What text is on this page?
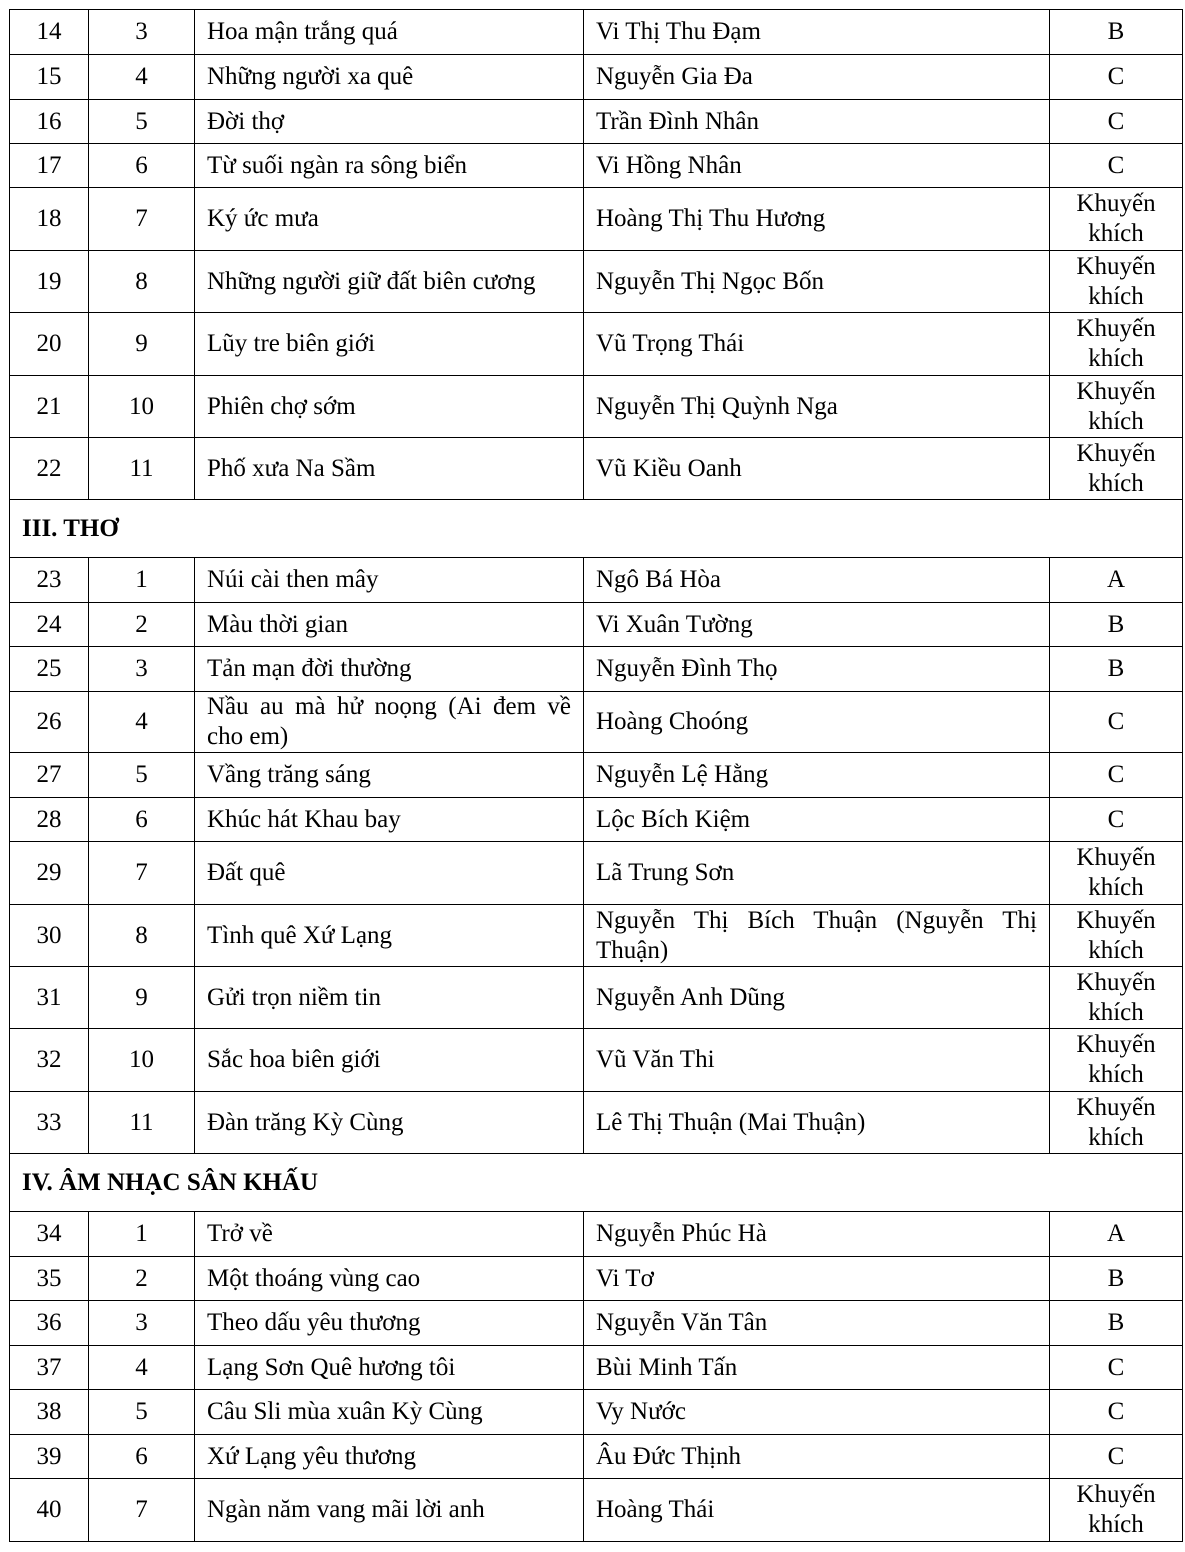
14	3	Hoa mận trắng quá	Vi Thị Thu Đạm	B
15	4	Những người xa quê	Nguyễn Gia Đa	C
16	5	Đời thợ	Trần Đình Nhân	C
17	6	Từ suối ngàn ra sông biển	Vi Hồng Nhân	C
18	7	Ký ức mưa	Hoàng Thị Thu Hương	Khuyến khích
19	8	Những người giữ đất biên cương	Nguyễn Thị Ngọc Bốn	Khuyến khích
20	9	Lũy tre biên giới	Vũ Trọng Thái	Khuyến khích
21	10	Phiên chợ sớm	Nguyễn Thị Quỳnh Nga	Khuyến khích
22	11	Phố xưa Na Sầm	Vũ Kiều Oanh	Khuyến khích
III. THƠ				
23	1	Núi cài then mây	Ngô Bá Hòa	A
24	2	Màu thời gian	Vi Xuân Tường	B
25	3	Tản mạn đời thường	Nguyễn Đình Thọ	B
26	4	Nầu au mà hử noọng (Ai đem về cho em)	Hoàng Choóng	C
27	5	Vầng trăng sáng	Nguyễn Lệ Hằng	C
28	6	Khúc hát Khau bay	Lộc Bích Kiệm	C
29	7	Đất quê	Lã Trung Sơn	Khuyến khích
30	8	Tình quê Xứ Lạng	Nguyễn Thị Bích Thuận (Nguyễn Thị Thuận)	Khuyến khích
31	9	Gửi trọn niềm tin	Nguyễn Anh Dũng	Khuyến khích
32	10	Sắc hoa biên giới	Vũ Văn Thi	Khuyến khích
33	11	Đàn trăng Kỳ Cùng	Lê Thị Thuận (Mai Thuận)	Khuyến khích
IV. ÂM NHẠC SÂN KHẤU				
34	1	Trở về	Nguyễn Phúc Hà	A
35	2	Một thoáng vùng cao	Vi Tơ	B
36	3	Theo dấu yêu thương	Nguyễn Văn Tân	B
37	4	Lạng Sơn Quê hương tôi	Bùi Minh Tấn	C
38	5	Câu Sli mùa xuân Kỳ Cùng	Vy Nước	C
39	6	Xứ Lạng yêu thương	Âu Đức Thịnh	C
40	7	Ngàn năm vang mãi lời anh	Hoàng Thái	Khuyến khích
